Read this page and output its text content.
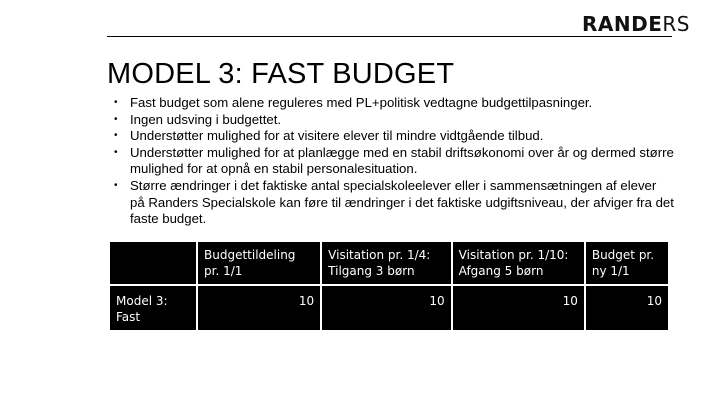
RANDERS
MODEL 3: FAST BUDGET
• Fast budget som alene reguleres med PL+politisk vedtagne budgettilpasninger.
• Ingen udsving i budgettet.
• Understøtter mulighed for at visitere elever til mindre vidtgående tilbud.
• Understøtter mulighed for at planlægge med en stabil driftsøkonomi over år og dermed større mulighed for at opnå en stabil personalesituation.
• Større ændringer i det faktiske antal specialskoleelever eller i sammensætningen af elever på Randers Specialskole kan føre til ændringer i det faktiske udgiftsniveau, der afviger fra det faste budget.
	Budgettildeling pr. 1/1	Visitation pr. 1/4: Tilgang 3 børn	Visitation pr. 1/10: Afgang 5 børn	Budget pr. ny 1/1
Model 3: Fast	10	10	10	10
